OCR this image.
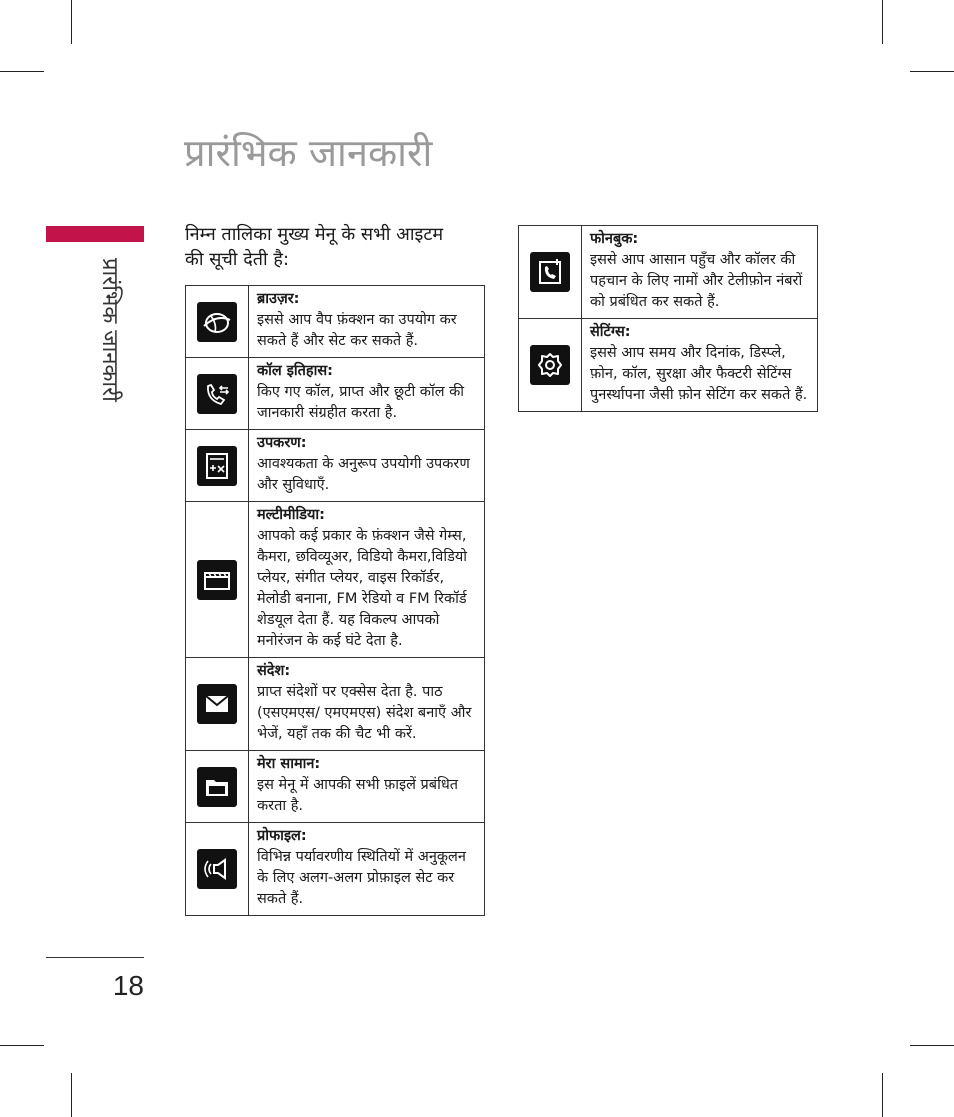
प्रारंभिक जानकारी
प्रारंभिक जानकारी
18
निम्न तालिका मुख्य मेनू के सभी आइटम की सूची देती है:

ब्राउज़र:
इससे आप वैप फ़ंक्शन का उपयोग कर सकते हैं और सेट कर सकते हैं.

कॉल इतिहास:
किए गए कॉल, प्राप्त और छूटी कॉल की जानकारी संग्रहीत करता है.

उपकरण:
आवश्यकता के अनुरूप उपयोगी उपकरण और सुविधाएँ.

मल्टीमीडिया:
आपको कई प्रकार के फ़ंक्शन जैसे गेम्स, कैमरा, छविव्यूअर, विडियो कैमरा,विडियो प्लेयर, संगीत प्लेयर, वाइस रिकॉर्डर, मेलोडी बनाना, FM रेडियो व FM रिकॉर्ड शेडयूल देता हैं. यह विकल्प आपको मनोरंजन के कई घंटे देता है.

संदेश:
प्राप्त संदेशों पर एक्सेस देता है. पाठ (एसएमएस/ एमएमएस) संदेश बनाएँ और भेजें, यहाँ तक की चैट भी करें.

मेरा सामान:
इस मेनू में आपकी सभी फ़ाइलें प्रबंधित करता है.

प्रोफाइल:
विभिन्न पर्यावरणीय स्थितियों में अनुकूलन के लिए अलग-अलग प्रोफ़ाइल सेट कर सकते हैं.

फोनबुक:
इससे आप आसान पहुँच और कॉलर की पहचान के लिए नामों और टेलीफ़ोन नंबरों को प्रबंधित कर सकते हैं.

सेटिंग्स:
इससे आप समय और दिनांक, डिस्प्ले, फ़ोन, कॉल, सुरक्षा और फैक्टरी सेटिंग्स पुनर्स्थापना जैसी फ़ोन सेटिंग कर सकते हैं.
